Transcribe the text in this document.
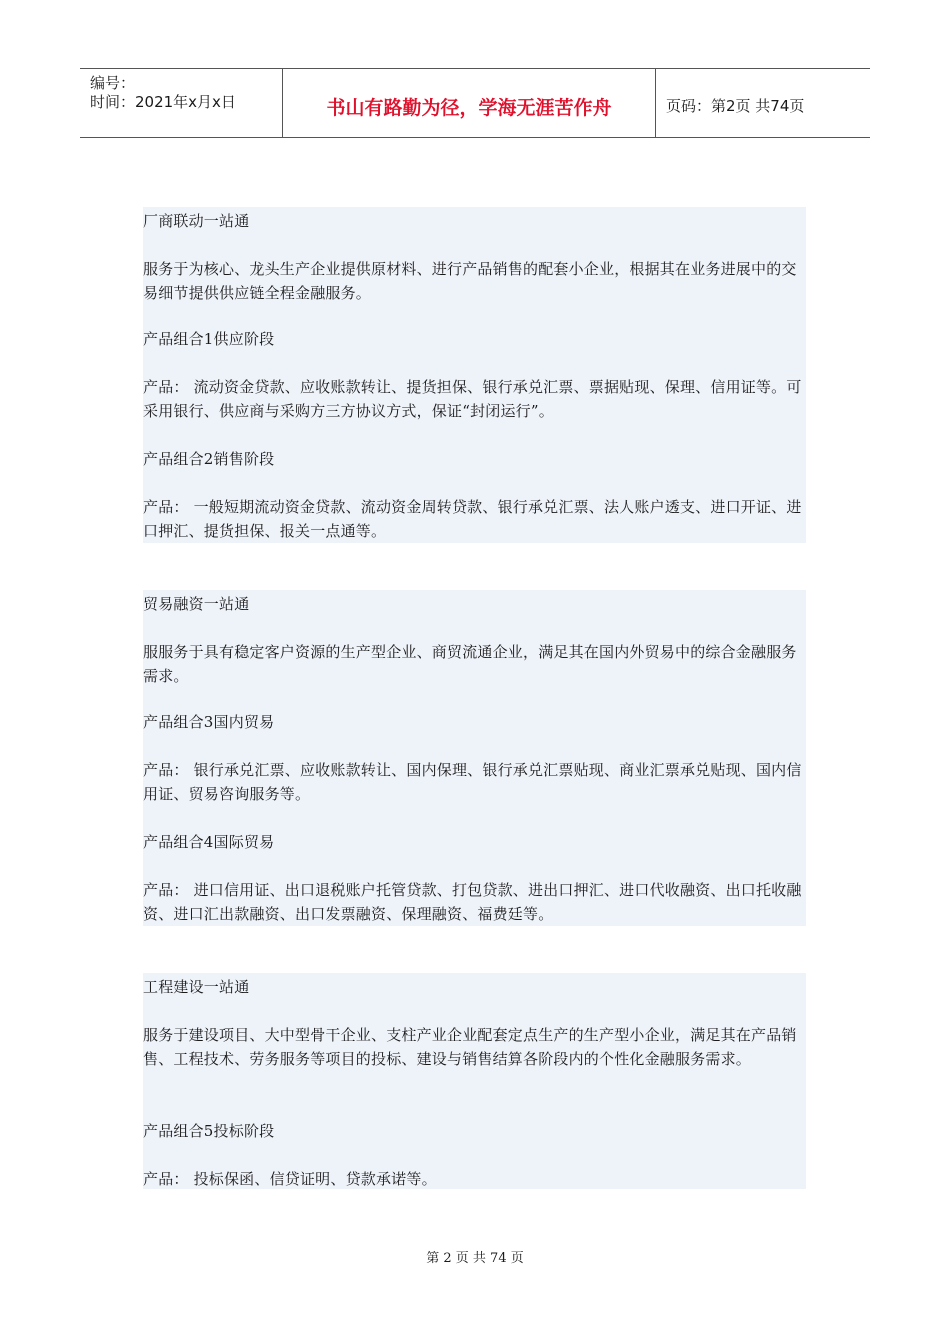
编号：
时间：2021年x月x日	书山有路勤为径，学海无涯苦作舟	页码：第2页 共74页

厂商联动一站通

服务于为核心、龙头生产企业提供原材料、进行产品销售的配套小企业，根据其在业务进展中的交易细节提供供应链全程金融服务。

产品组合1供应阶段

产品： 流动资金贷款、应收账款转让、提货担保、银行承兑汇票、票据贴现、保理、信用证等。可采用银行、供应商与采购方三方协议方式，保证“封闭运行”。

产品组合2销售阶段

产品： 一般短期流动资金贷款、流动资金周转贷款、银行承兑汇票、法人账户透支、进口开证、进口押汇、提货担保、报关一点通等。

贸易融资一站通

服服务于具有稳定客户资源的生产型企业、商贸流通企业，满足其在国内外贸易中的综合金融服务需求。

产品组合3国内贸易

产品： 银行承兑汇票、应收账款转让、国内保理、银行承兑汇票贴现、商业汇票承兑贴现、国内信用证、贸易咨询服务等。

产品组合4国际贸易

产品： 进口信用证、出口退税账户托管贷款、打包贷款、进出口押汇、进口代收融资、出口托收融资、进口汇出款融资、出口发票融资、保理融资、福费廷等。

工程建设一站通

服务于建设项目、大中型骨干企业、支柱产业企业配套定点生产的生产型小企业，满足其在产品销售、工程技术、劳务服务等项目的投标、建设与销售结算各阶段内的个性化金融服务需求。

产品组合5投标阶段

产品： 投标保函、信贷证明、贷款承诺等。

第 2 页 共 74 页
